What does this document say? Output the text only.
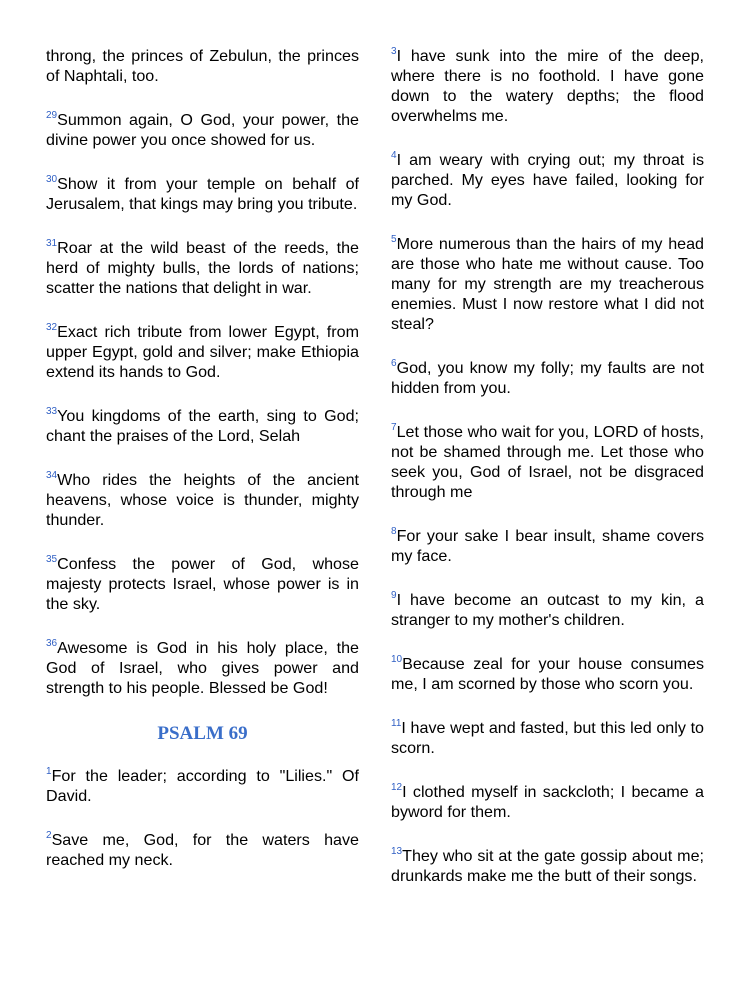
throng, the princes of Zebulun, the princes of Naphtali, too.

$^{29}$Summon again, O God, your power, the divine power you once showed for us.

$^{30}$Show it from your temple on behalf of Jerusalem, that kings may bring you tribute.

$^{31}$Roar at the wild beast of the reeds, the herd of mighty bulls, the lords of nations; scatter the nations that delight in war.

$^{32}$Exact rich tribute from lower Egypt, from upper Egypt, gold and silver; make Ethiopia extend its hands to God.

$^{33}$You kingdoms of the earth, sing to God; chant the praises of the Lord, Selah

$^{34}$Who rides the heights of the ancient heavens, whose voice is thunder, mighty thunder.

$^{35}$Confess the power of God, whose majesty protects Israel, whose power is in the sky.

$^{36}$Awesome is God in his holy place, the God of Israel, who gives power and strength to his people. Blessed be God!

PSALM 69

$^1$For the leader; according to "Lilies." Of David.

$^2$Save me, God, for the waters have reached my neck.

$^3$I have sunk into the mire of the deep, where there is no foothold. I have gone down to the watery depths; the flood overwhelms me.

$^4$I am weary with crying out; my throat is parched. My eyes have failed, looking for my God.

$^5$More numerous than the hairs of my head are those who hate me without cause. Too many for my strength are my treacherous enemies. Must I now restore what I did not steal?

$^6$God, you know my folly; my faults are not hidden from you.

$^7$Let those who wait for you, LORD of hosts, not be shamed through me. Let those who seek you, God of Israel, not be disgraced through me

$^8$For your sake I bear insult, shame covers my face.

$^9$I have become an outcast to my kin, a stranger to my mother's children.

$^{10}$Because zeal for your house consumes me, I am scorned by those who scorn you.

$^{11}$I have wept and fasted, but this led only to scorn.

$^{12}$I clothed myself in sackcloth; I became a byword for them.

$^{13}$They who sit at the gate gossip about me; drunkards make me the butt of their songs.
